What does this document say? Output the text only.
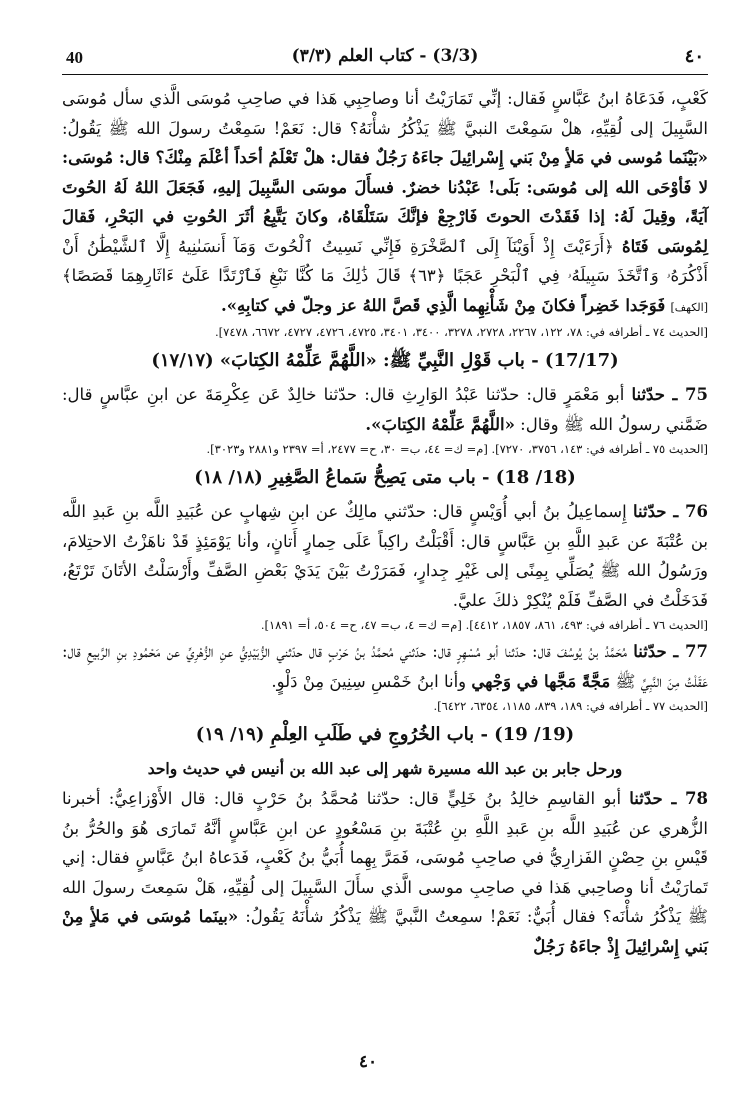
40	(3/3) - كتاب العلم (٣/٣)	٤٠

كَعْبٍ، فَدَعَاهُ ابنُ عَبَّاسٍ فَقال: إنِّي تَمَارَيْتُ أنا وصاحِبِي هَذا في صاحِبِ مُوسَى الَّذي سأل مُوسَى السَّبِيلَ إلى لُقِيِّهِ، هلْ سَمِعْتَ النبيَّ ﷺ يَذْكُرُ شأْنَهُ؟ قال: نَعَمْ! سَمِعْتُ رسولَ الله ﷺ يَقُولُ: «بَيْنَما مُوسى في مَلأٍ مِنْ بَني إِسْرائِيلَ جاءَهُ رَجُلٌ فقال: هلْ تَعْلَمُ أحَداً أعْلَمَ مِنْكَ؟ قال: مُوسَى: لا فَأوْحَى الله إلى مُوسَى: بَلَى! عَبْدُنا خضرٌ. فسأَلَ موسَى السَّبِيلَ إليهِ، فَجَعَلَ اللهُ لَهُ الحُوتَ آيَةً، وقِيلَ لَهُ: إذا فَقَدْتَ الحوتَ فَارْجِعْ فإنَّكَ سَتَلْقَاهُ، وكانَ يَتَّبِعُ أثَرَ الحُوتِ في البَحْرِ، فَقالَ لِمُوسَى فَتَاهُ ﴿أَرَءَيْتَ إِذْ أَوَيْنَآ إِلَى ٱلصَّخْرَةِ فَإِنِّي نَسِيتُ ٱلْحُوتَ وَمَآ أَنسَىٰنِيهُ إِلَّا ٱلشَّيْطَٰنُ أَنْ أَذْكُرَهُۥ وَٱتَّخَذَ سَبِيلَهُۥ فِي ٱلْبَحْرِ عَجَبًا ﴿٦٣﴾ قَالَ ذَٰلِكَ مَا كُنَّا نَبْغِ فَٱرْتَدَّا عَلَىٰٓ ءَاثَارِهِمَا قَصَصًا﴾ [الكهف] فَوَجَدا خَضِراً فكانَ مِنْ شَأْنِهِما الَّذِي قَصَّ اللهُ عز وجلّ في كتابِهِ».

[الحديث ٧٤ ـ أطرافه في: ٧٨، ١٢٢، ٢٢٦٧، ٢٧٢٨، ٣٢٧٨، ٣٤٠٠، ٣٤٠١، ٤٧٢٥، ٤٧٢٦، ٤٧٢٧، ٦٦٧٢، ٧٤٧٨].

(17/17) - باب قَوْلِ النَّبِيِّ ﷺ: «اللَّهُمَّ عَلِّمْهُ الكِتابَ» (١٧/١٧)

75 ـ حدّثنا أبو مَعْمَرٍ قال: حدّثنا عَبْدُ الوَارِثِ قال: حدّثنا خالِدٌ عَن عِكْرِمَةَ عن ابنِ عبَّاسٍ قال: ضَمَّني رسولُ الله ﷺ وقال: «اللَّهُمَّ عَلِّمْهُ الكِتابَ».

[الحديث ٧٥ ـ أطرافه في: ١٤٣، ٣٧٥٦، ٧٢٧٠]. [م= ك= ٤٤، ب= ٣٠، ح= ٢٤٧٧، أ= ٢٣٩٧ و٢٨٨١ و٣٠٢٣].

(18/ 18) - باب متى يَصِحُّ سَماعُ الصَّغِيرِ (١٨/ ١٨)

76 ـ حدّثنا إِسماعِيلُ بنُ أبي أُوَيْسٍ قال: حدّثني مالِكٌ عن ابنِ شِهابٍ عن عُبَيدِ اللَّه بنِ عَبدِ اللَّه بن عُتْبَةَ عن عَبدِ اللَّهِ بنِ عَبَّاسٍ قال: أَقْبَلْتُ راكِباً عَلَى حِمارٍ أَتانٍ، وأنا يَوْمَئِذٍ قَدْ ناهَزْتُ الاحتِلامَ، ورَسُولُ الله ﷺ يُصَلِّي بِمِنًى إلى غَيْرِ جِدارٍ، فَمَرَرْتُ بَيْنَ يَدَيْ بَعْضِ الصَّفِّ وأَرْسَلْتُ الأتَانَ تَرْتَعُ، فَدَخَلْتُ في الصَّفِّ فَلَمْ يُنْكِرْ ذلكَ عليَّ.

[الحديث ٧٦ ـ أطرافه في: ٤٩٣، ٨٦١، ١٨٥٧، ٤٤١٢]. [م= ك= ٤، ب= ٤٧، ح= ٥٠٤، أ= ١٨٩١].

77 ـ حدّثنا مُحَمَّدُ بنُ يُوسُفَ قال: حدّثنا أبو مُسْهِرٍ قال: حدّثني مُحمَّدُ بنُ حَرْبٍ قال حدّثني الزُّبَيْدِيُّ عنِ الزُّهْرِيِّ عن مَحْمُودِ بنِ الرَّبيعِ قال: عَقَلْتُ مِنَ النَّبِيِّ ﷺ مَجَّةً مَجَّها في وَجْهي وأنا ابنُ خَمْسِ سِنِينَ مِنْ دَلْوٍ.

[الحديث ٧٧ ـ أطرافه في: ١٨٩، ٨٣٩، ١١٨٥، ٦٣٥٤، ٦٤٢٢].

(19/ 19) - باب الخُرُوجِ في طَلَبِ العِلْمِ (١٩/ ١٩)
ورحل جابر بن عبد الله مسيرة شهر إلى عبد الله بن أنيس في حديث واحد

78 ـ حدّثنا أبو القاسِمِ خالِدُ بنُ خَلِيٍّ قال: حدّثنا مُحمَّدُ بنُ حَرْبٍ قال: قال الأَوْزاعِيُّ: أخبرنا الزُّهري عن عُبَيدِ اللَّه بنِ عَبدِ اللَّهِ بنِ عُتْبَةَ بنِ مَسْعُودٍ عن ابنِ عَبَّاسٍ أنَّهُ تَمارَى هُوَ والحُرُّ بنُ قَيْسِ بنِ حِصْنٍ الفَزارِيُّ في صاحِبِ مُوسَى، فَمَرَّ بِهِما أُبَيُّ بنُ كَعْبٍ، فَدَعاهُ ابنُ عَبَّاسٍ فقال: إني تَمارَيْتُ أنا وصاحِبي هَذا في صاحِبِ موسى الَّذي سأَلَ السَّبِيلَ إلى لُقِيِّهِ، هَلْ سَمِعتَ رسولَ الله ﷺ يَذْكُرُ شأْنَه؟ فقال أُبَيٌّ: نَعَمْ! سمِعتُ النَّبيَّ ﷺ يَذْكُرُ شأْنَهُ يَقُولُ: «بينَما مُوسَى في مَلأٍ مِنْ بَني إِسْرائِيلَ إِذْ جاءَهُ رَجُلٌ

٤٠
